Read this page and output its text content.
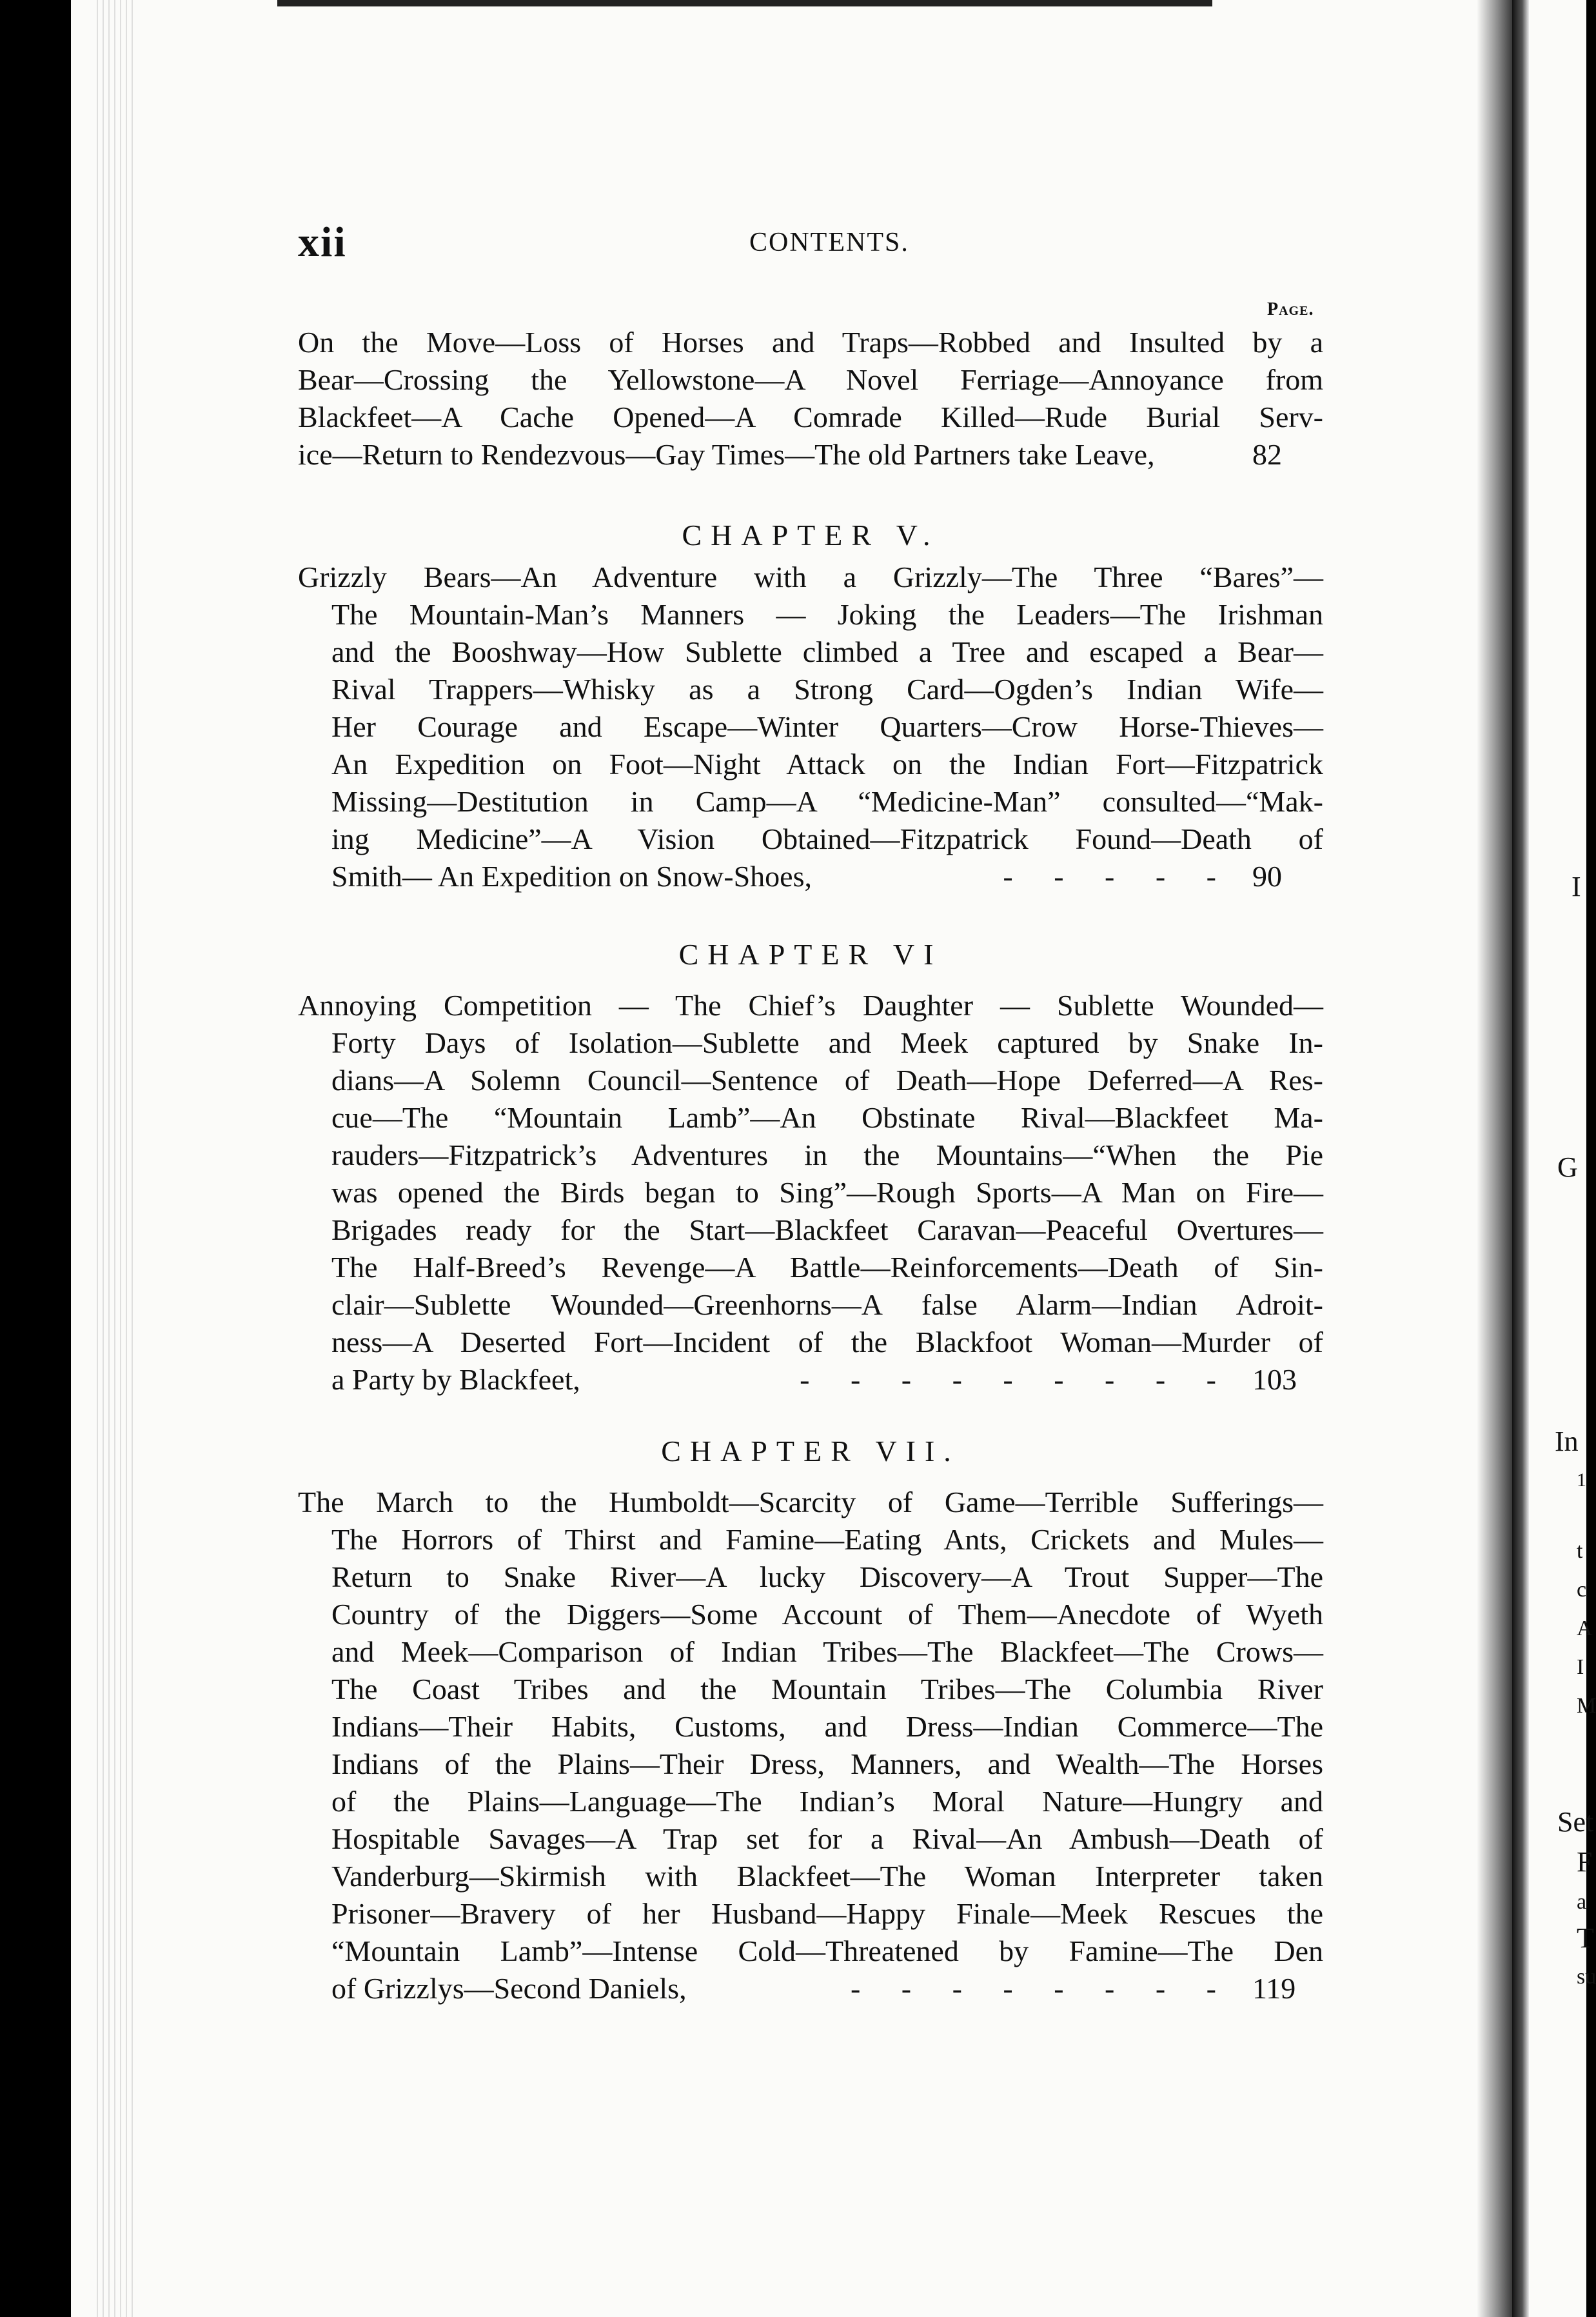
I
G
In
1
t
c
A
I
M
Set
F
a
T
su
xii	CONTENTS.
Page.
On the Move—Loss of Horses and Traps—Robbed and Insulted by a
Bear—Crossing the Yellowstone—A Novel Ferriage—Annoyance from
Blackfeet—A Cache Opened—A Comrade Killed—Rude Burial Serv-
ice—Return to Rendezvous—Gay Times—The old Partners take Leave,	82
CHAPTER V.
Grizzly Bears—An Adventure with a Grizzly—The Three “Bares”—
The Mountain-Man’s Manners — Joking the Leaders—The Irishman
and the Booshway—How Sublette climbed a Tree and escaped a Bear—
Rival Trappers—Whisky as a Strong Card—Ogden’s Indian Wife—
Her Courage and Escape—Winter Quarters—Crow Horse-Thieves—
An Expedition on Foot—Night Attack on the Indian Fort—Fitzpatrick
Missing—Destitution in Camp—A “Medicine-Man” consulted—“Mak-
ing Medicine”—A Vision Obtained—Fitzpatrick Found—Death of
Smith— An Expedition on Snow-Shoes,	90
- - - - -
CHAPTER VI
Annoying Competition — The Chief’s Daughter — Sublette Wounded—
Forty Days of Isolation—Sublette and Meek captured by Snake In-
dians—A Solemn Council—Sentence of Death—Hope Deferred—A Res-
cue—The “Mountain Lamb”—An Obstinate Rival—Blackfeet Ma-
rauders—Fitzpatrick’s Adventures in the Mountains—“When the Pie
was opened the Birds began to Sing”—Rough Sports—A Man on Fire—
Brigades ready for the Start—Blackfeet Caravan—Peaceful Overtures—
The Half-Breed’s Revenge—A Battle—Reinforcements—Death of Sin-
clair—Sublette Wounded—Greenhorns—A false Alarm—Indian Adroit-
ness—A Deserted Fort—Incident of the Blackfoot Woman—Murder of
a Party by Blackfeet,	103
- - - - - - - - -
CHAPTER VII.
The March to the Humboldt—Scarcity of Game—Terrible Sufferings—
The Horrors of Thirst and Famine—Eating Ants, Crickets and Mules—
Return to Snake River—A lucky Discovery—A Trout Supper—The
Country of the Diggers—Some Account of Them—Anecdote of Wyeth
and Meek—Comparison of Indian Tribes—The Blackfeet—The Crows—
The Coast Tribes and the Mountain Tribes—The Columbia River
Indians—Their Habits, Customs, and Dress—Indian Commerce—The
Indians of the Plains—Their Dress, Manners, and Wealth—The Horses
of the Plains—Language—The Indian’s Moral Nature—Hungry and
Hospitable Savages—A Trap set for a Rival—An Ambush—Death of
Vanderburg—Skirmish with Blackfeet—The Woman Interpreter taken
Prisoner—Bravery of her Husband—Happy Finale—Meek Rescues the
“Mountain Lamb”—Intense Cold—Threatened by Famine—The Den
of Grizzlys—Second Daniels,	119
- - - - - - - -
